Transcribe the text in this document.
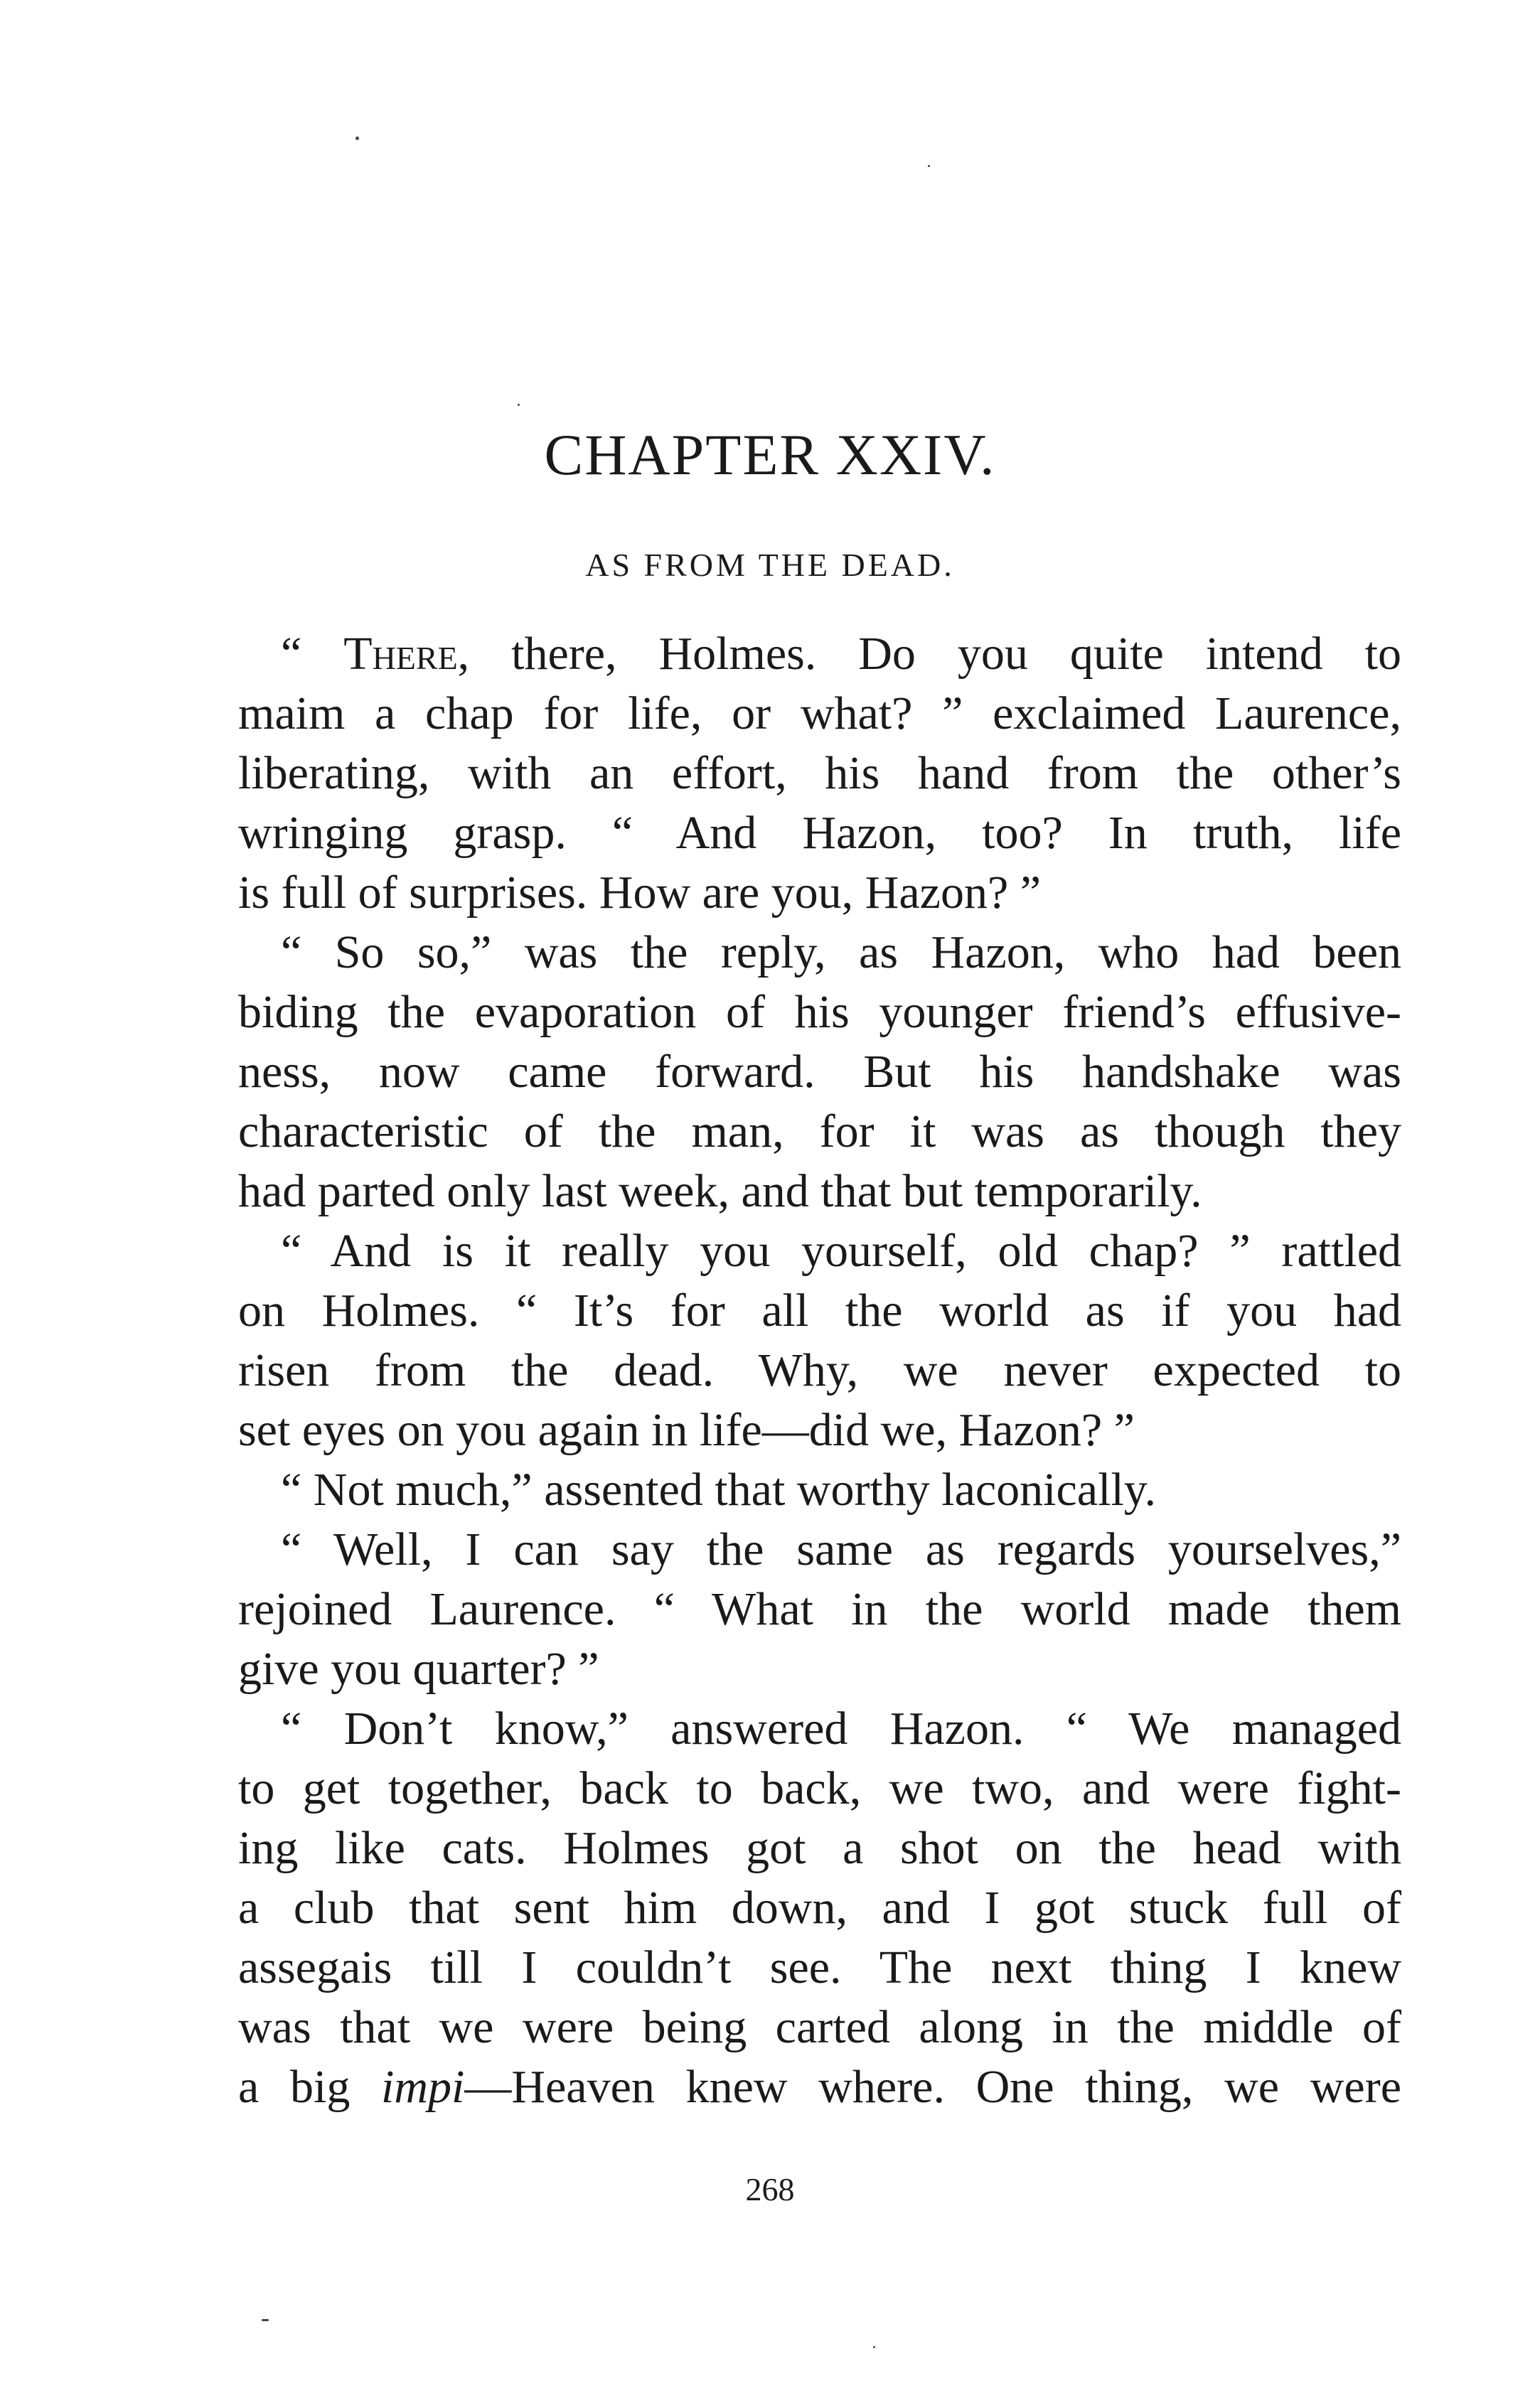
CHAPTER XXIV.
AS FROM THE DEAD.
“ There, there, Holmes. Do you quite intend to
maim a chap for life, or what? ” exclaimed Laurence,
liberating, with an effort, his hand from the other’s
wringing grasp. “ And Hazon, too? In truth, life
is full of surprises. How are you, Hazon? ”
“ So so,” was the reply, as Hazon, who had been
biding the evaporation of his younger friend’s effusive-
ness, now came forward. But his handshake was
characteristic of the man, for it was as though they
had parted only last week, and that but temporarily.
“ And is it really you yourself, old chap? ” rattled
on Holmes. “ It’s for all the world as if you had
risen from the dead. Why, we never expected to
set eyes on you again in life—did we, Hazon? ”
“ Not much,” assented that worthy laconically.
“ Well, I can say the same as regards yourselves,”
rejoined Laurence. “ What in the world made them
give you quarter? ”
“ Don’t know,” answered Hazon. “ We managed
to get together, back to back, we two, and were fight-
ing like cats. Holmes got a shot on the head with
a club that sent him down, and I got stuck full of
assegais till I couldn’t see. The next thing I knew
was that we were being carted along in the middle of
a big impi—Heaven knew where. One thing, we were
268
